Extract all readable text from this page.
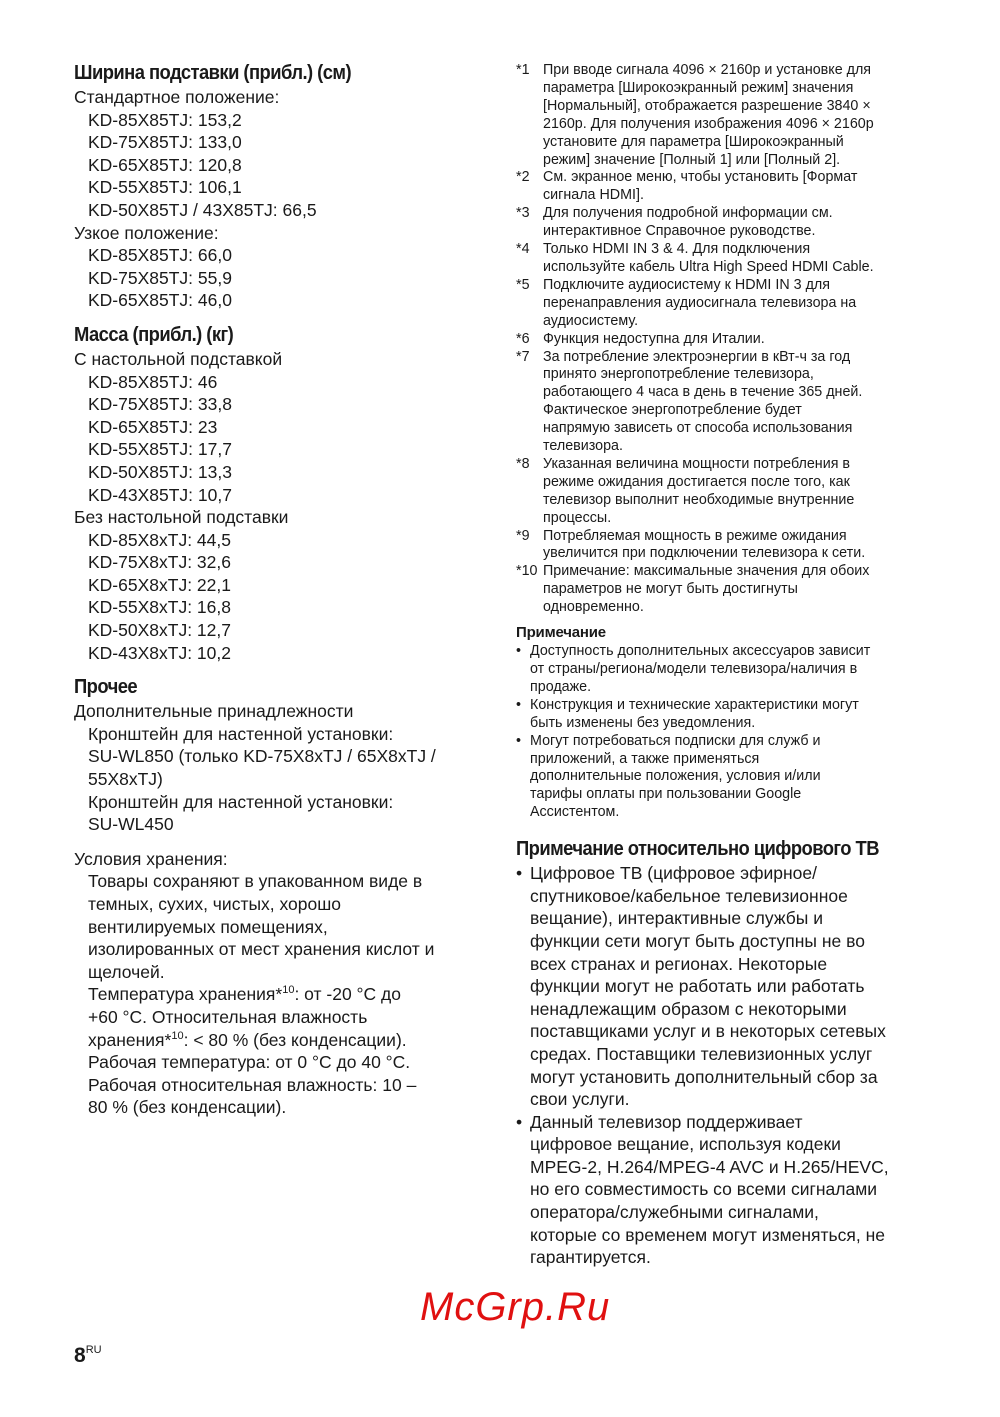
Ширина подставки (прибл.) (см)
Стандартное положение:
KD-85X85TJ: 153,2
KD-75X85TJ: 133,0
KD-65X85TJ: 120,8
KD-55X85TJ: 106,1
KD-50X85TJ / 43X85TJ: 66,5
Узкое положение:
KD-85X85TJ: 66,0
KD-75X85TJ: 55,9
KD-65X85TJ: 46,0
Масса (прибл.) (кг)
С настольной подставкой
KD-85X85TJ: 46
KD-75X85TJ: 33,8
KD-65X85TJ: 23
KD-55X85TJ: 17,7
KD-50X85TJ: 13,3
KD-43X85TJ: 10,7
Без настольной подставки
KD-85X8xTJ: 44,5
KD-75X8xTJ: 32,6
KD-65X8xTJ: 22,1
KD-55X8xTJ: 16,8
KD-50X8xTJ: 12,7
KD-43X8xTJ: 10,2
Прочее
Дополнительные принадлежности
Кронштейн для настенной установки:
SU-WL850 (только KD-75X8xTJ / 65X8xTJ /
55X8xTJ)
Кронштейн для настенной установки:
SU-WL450
Условия хранения:
Товары сохраняют в упакованном виде в
темных, сухих, чистых, хорошо
вентилируемых помещениях,
изолированных от мест хранения кислот и
щелочей.
Температура хранения*$^{10}$: от -20 °C до
+60 °C. Относительная влажность
хранения*$^{10}$: < 80 % (без конденсации).
Рабочая температура: от 0 °C до 40 °C.
Рабочая относительная влажность: 10 –
80 % (без конденсации).
*1 При вводе сигнала 4096 × 2160p и установке для
параметра [Широкоэкранный режим] значения
[Нормальный], отображается разрешение 3840 ×
2160p. Для получения изображения 4096 × 2160p
установите для параметра [Широкоэкранный
режим] значение [Полный 1] или [Полный 2].
*2 См. экранное меню, чтобы установить [Формат
сигнала HDMI].
*3 Для получения подробной информации см.
интерактивное Справочное руководстве.
*4 Только HDMI IN 3 & 4. Для подключения
используйте кабель Ultra High Speed HDMI Cable.
*5 Подключите аудиосистему к HDMI IN 3 для
перенаправления аудиосигнала телевизора на
аудиосистему.
*6 Функция недоступна для Италии.
*7 За потребление электроэнергии в кВт-ч за год
принято энергопотребление телевизора,
работающего 4 часа в день в течение 365 дней.
Фактическое энергопотребление будет
напрямую зависеть от способа использования
телевизора.
*8 Указанная величина мощности потребления в
режиме ожидания достигается после того, как
телевизор выполнит необходимые внутренние
процессы.
*9 Потребляемая мощность в режиме ожидания
увеличится при подключении телевизора к сети.
*10 Примечание: максимальные значения для обоих
параметров не могут быть достигнуты
одновременно.
Примечание
• Доступность дополнительных аксессуаров зависит
от страны/региона/модели телевизора/наличия в
продаже.
• Конструкция и технические характеристики могут
быть изменены без уведомления.
• Могут потребоваться подписки для служб и
приложений, а также применяться
дополнительные положения, условия и/или
тарифы оплаты при пользовании Google
Ассистентом.
Примечание относительно цифрового ТВ
• Цифровое ТВ (цифровое эфирное/
спутниковое/кабельное телевизионное
вещание), интерактивные службы и
функции сети могут быть доступны не во
всех странах и регионах. Некоторые
функции могут не работать или работать
ненадлежащим образом с некоторыми
поставщиками услуг и в некоторых сетевых
средах. Поставщики телевизионных услуг
могут установить дополнительный сбор за
свои услуги.
• Данный телевизор поддерживает
цифровое вещание, используя кодеки
MPEG-2, H.264/MPEG-4 AVC и H.265/HEVC,
но его совместимость со всеми сигналами
оператора/служебными сигналами,
которые со временем могут изменяться, не
гарантируется.
$8^{RU}$
McGrp.Ru
